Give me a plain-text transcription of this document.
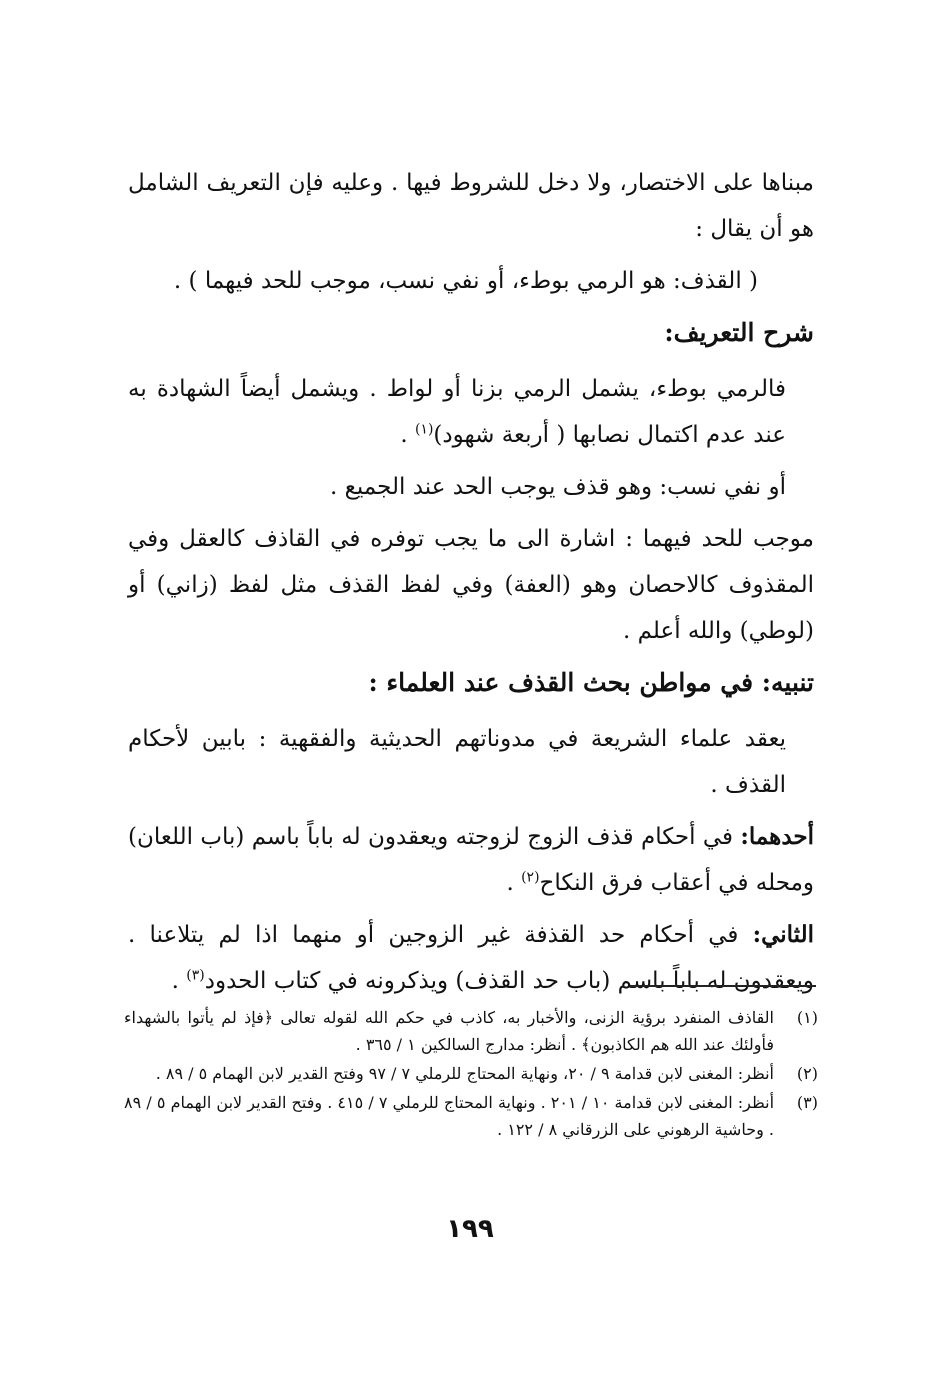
مبناها على الاختصار، ولا دخل للشروط فيها . وعليه فإن التعريف الشامل هو أن يقال :

( القذف: هو الرمي بوطء، أو نفي نسب، موجب للحد فيهما ) .

شرح التعريف:

فالرمي بوطء، يشمل الرمي بزنا أو لواط . ويشمل أيضاً الشهادة به عند عدم اكتمال نصابها ( أربعة شهود)$^{(١)}$ .

أو نفي نسب: وهو قذف يوجب الحد عند الجميع .

موجب للحد فيهما : اشارة الى ما يجب توفره في القاذف كالعقل وفي المقذوف كالاحصان وهو (العفة) وفي لفظ القذف مثل لفظ (زاني) أو (لوطي) والله أعلم .

تنبيه: في مواطن بحث القذف عند العلماء :

يعقد علماء الشريعة في مدوناتهم الحديثية والفقهية : بابين لأحكام القذف .

أحدهما: في أحكام قذف الزوج لزوجته ويعقدون له باباً باسم (باب اللعان) ومحله في أعقاب فرق النكاح$^{(٢)}$ .

الثاني: في أحكام حد القذفة غير الزوجين أو منهما اذا لم يتلاعنا . ويعقدون له باباً باسم (باب حد القذف) ويذكرونه في كتاب الحدود$^{(٣)}$ .

(١)
القاذف المنفرد برؤية الزنى، والأخبار به، كاذب في حكم الله لقوله تعالى ﴿فإذ لم يأتوا بالشهداء فأولئك عند الله هم الكاذبون﴾ . أنظر: مدارج السالكين ١ / ٣٦٥ .
(٢)
أنظر: المغنى لابن قدامة ٩ / ٢٠، ونهاية المحتاج للرملي ٧ / ٩٧ وفتح القدير لابن الهمام ٥ / ٨٩ .
(٣)
أنظر: المغنى لابن قدامة ١٠ / ٢٠١ . ونهاية المحتاج للرملي ٧ / ٤١٥ . وفتح القدير لابن الهمام ٥ / ٨٩ . وحاشية الرهوني على الزرقاني ٨ / ١٢٢ .
١٩٩
